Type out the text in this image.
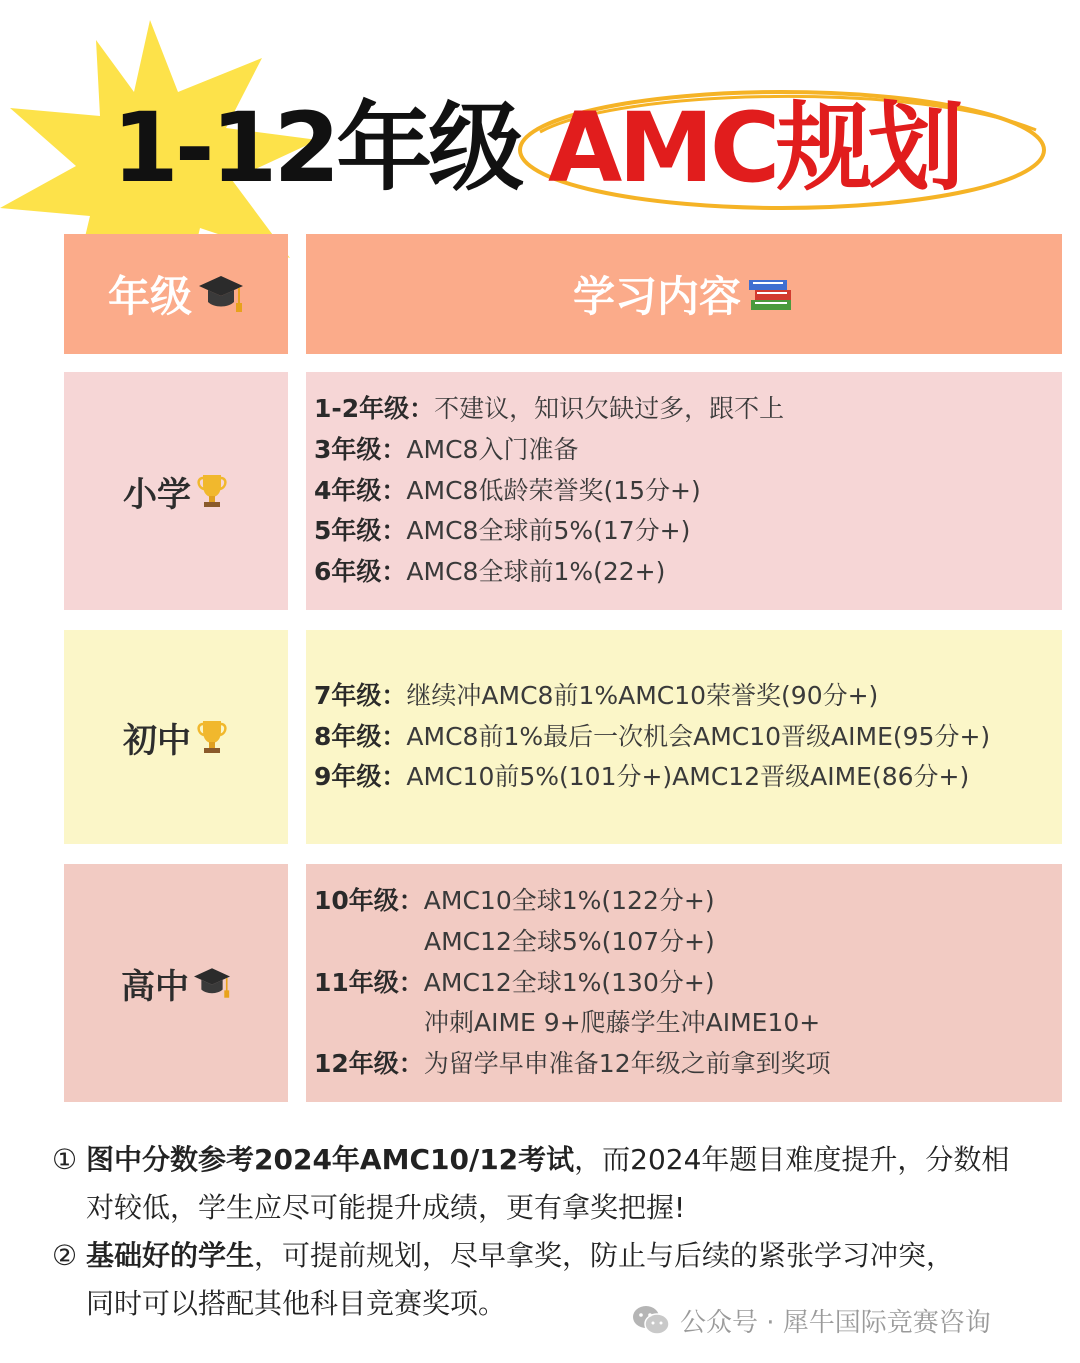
1-12年级 AMC规划
年级	学习内容
小学
1-2年级： 不建议，知识欠缺过多，跟不上
3年级： AMC8入门准备
4年级： AMC8低龄荣誉奖(15分+)
5年级： AMC8全球前5%(17分+)
6年级： AMC8全球前1%(22+)
初中
7年级： 继续冲AMC8前1%AMC10荣誉奖(90分+)
8年级： AMC8前1%最后一次机会AMC10晋级AIME(95分+)
9年级： AMC10前5%(101分+)AMC12晋级AIME(86分+)
高中
10年级： AMC10全球1%(122分+)
AMC12全球5%(107分+)
11年级： AMC12全球1%(130分+)
冲刺AIME 9+爬藤学生冲AIME10+
12年级： 为留学早申准备12年级之前拿到奖项
① 图中分数参考2024年AMC10/12考试，而2024年题目难度提升，分数相
对较低，学生应尽可能提升成绩，更有拿奖把握!
② 基础好的学生，可提前规划，尽早拿奖，防止与后续的紧张学习冲突，
同时可以搭配其他科目竞赛奖项。
公众号 · 犀牛国际竞赛咨询
